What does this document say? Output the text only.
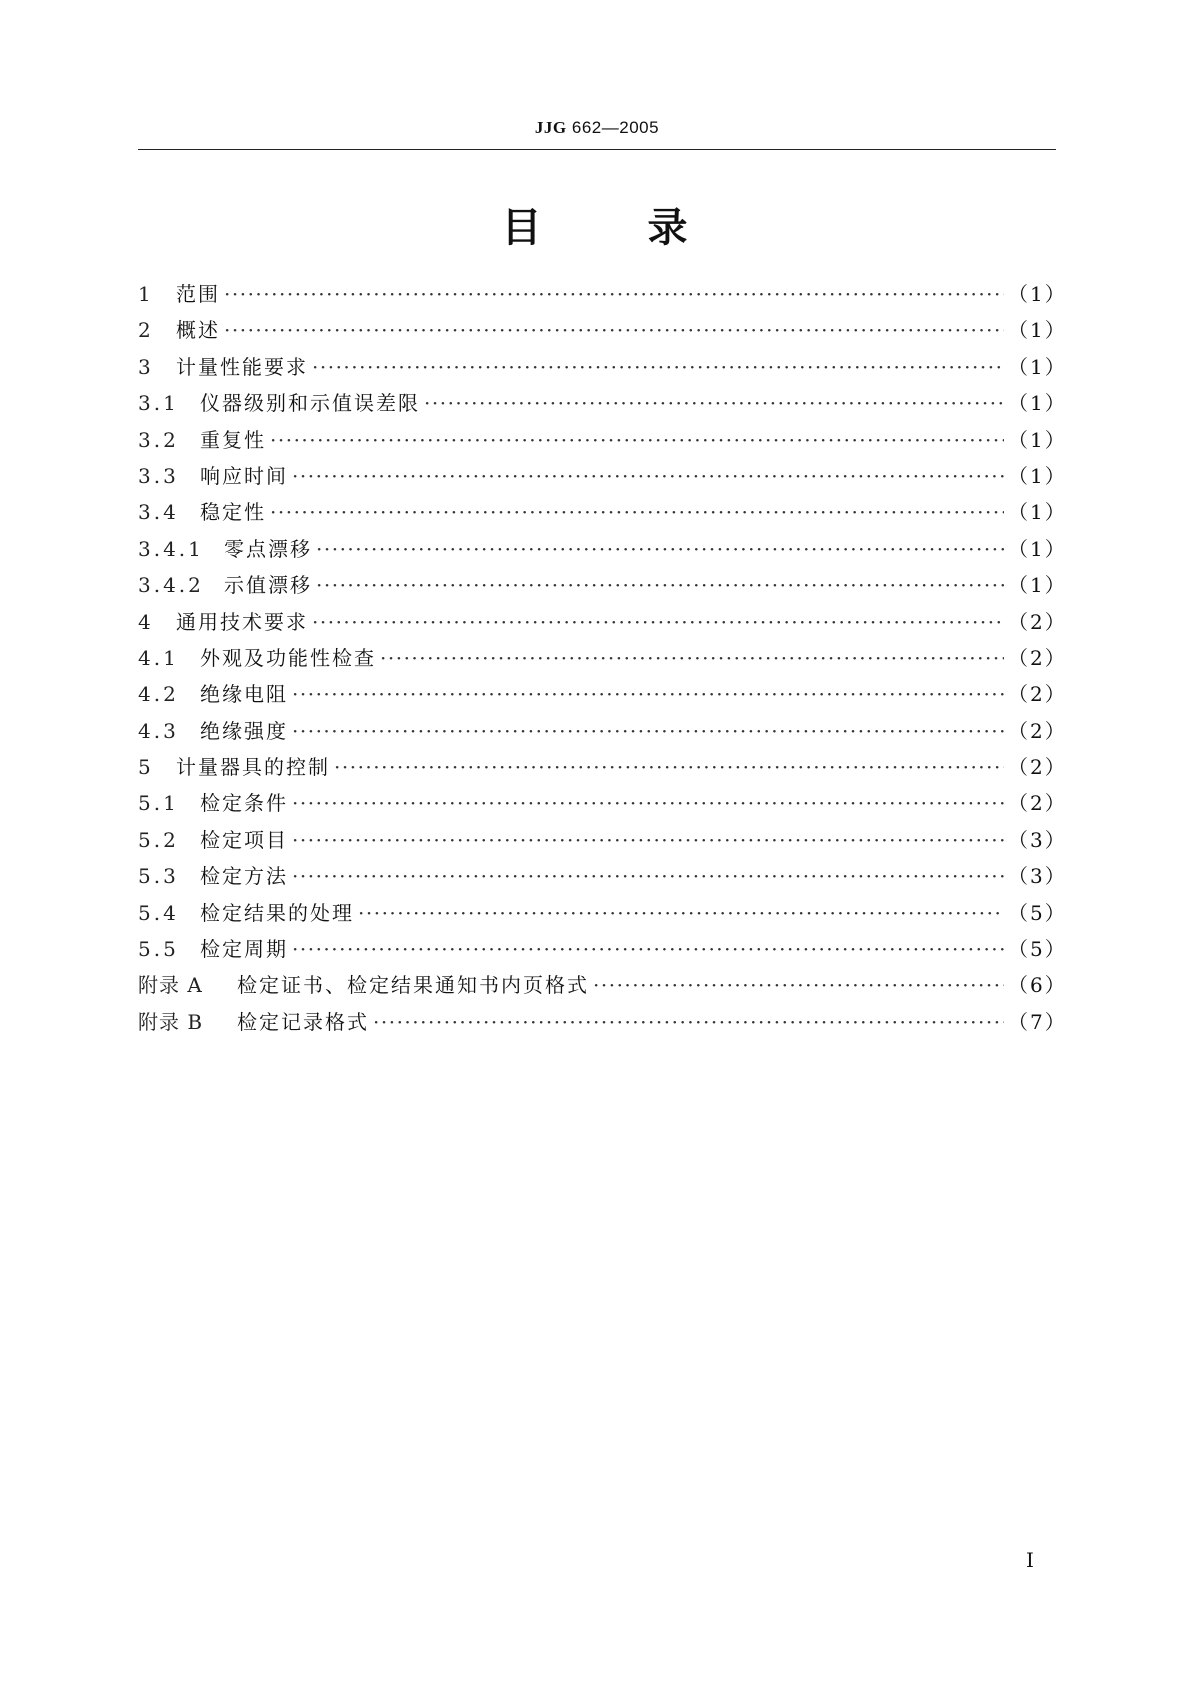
JJG 662—2005
目	录
1	范围 ·····	（1）
2	概述 ·····	（1）
3	计量性能要求 ·····	（1）
3.1	仪器级别和示值误差限 ·····	（1）
3.2	重复性 ·····	（1）
3.3	响应时间 ·····	（1）
3.4	稳定性 ·····	（1）
3.4.1	零点漂移 ·····	（1）
3.4.2	示值漂移 ·····	（1）
4	通用技术要求 ·····	（2）
4.1	外观及功能性检查 ·····	（2）
4.2	绝缘电阻 ·····	（2）
4.3	绝缘强度 ·····	（2）
5	计量器具的控制 ·····	（2）
5.1	检定条件 ·····	（2）
5.2	检定项目 ·····	（3）
5.3	检定方法 ·····	（3）
5.4	检定结果的处理 ·····	（5）
5.5	检定周期 ·····	（5）
附录 A	检定证书、检定结果通知书内页格式 ·····	（6）
附录 B	检定记录格式 ·····	（7）
Ⅰ
